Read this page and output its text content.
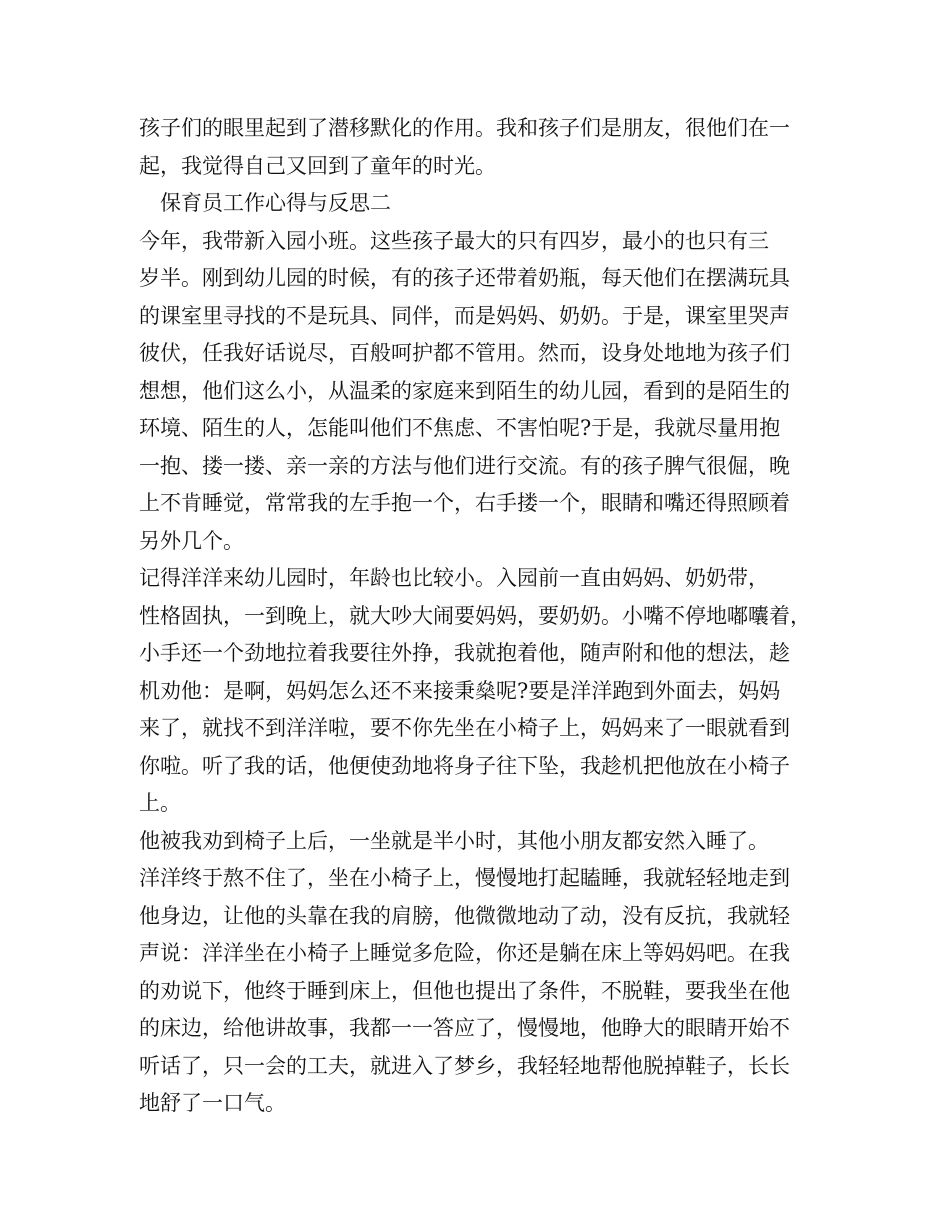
孩子们的眼里起到了潜移默化的作用。我和孩子们是朋友，很他们在一
起，我觉得自己又回到了童年的时光。
　保育员工作心得与反思二
今年，我带新入园小班。这些孩子最大的只有四岁，最小的也只有三
岁半。刚到幼儿园的时候，有的孩子还带着奶瓶，每天他们在摆满玩具
的课室里寻找的不是玩具、同伴，而是妈妈、奶奶。于是，课室里哭声
彼伏，任我好话说尽，百般呵护都不管用。然而，设身处地地为孩子们
想想，他们这么小，从温柔的家庭来到陌生的幼儿园，看到的是陌生的
环境、陌生的人，怎能叫他们不焦虑、不害怕呢?于是，我就尽量用抱
一抱、搂一搂、亲一亲的方法与他们进行交流。有的孩子脾气很倔，晚
上不肯睡觉，常常我的左手抱一个，右手搂一个，眼睛和嘴还得照顾着
另外几个。
记得洋洋来幼儿园时，年龄也比较小。入园前一直由妈妈、奶奶带，
性格固执，一到晚上，就大吵大闹要妈妈，要奶奶。小嘴不停地嘟囔着，
小手还一个劲地拉着我要往外挣，我就抱着他，随声附和他的想法，趁
机劝他：是啊，妈妈怎么还不来接秉燊呢?要是洋洋跑到外面去，妈妈
来了，就找不到洋洋啦，要不你先坐在小椅子上，妈妈来了一眼就看到
你啦。听了我的话，他便使劲地将身子往下坠，我趁机把他放在小椅子
上。
他被我劝到椅子上后，一坐就是半小时，其他小朋友都安然入睡了。
洋洋终于熬不住了，坐在小椅子上，慢慢地打起瞌睡，我就轻轻地走到
他身边，让他的头靠在我的肩膀，他微微地动了动，没有反抗，我就轻
声说：洋洋坐在小椅子上睡觉多危险，你还是躺在床上等妈妈吧。在我
的劝说下，他终于睡到床上，但他也提出了条件，不脱鞋，要我坐在他
的床边，给他讲故事，我都一一答应了，慢慢地，他睁大的眼睛开始不
听话了，只一会的工夫，就进入了梦乡，我轻轻地帮他脱掉鞋子，长长
地舒了一口气。
